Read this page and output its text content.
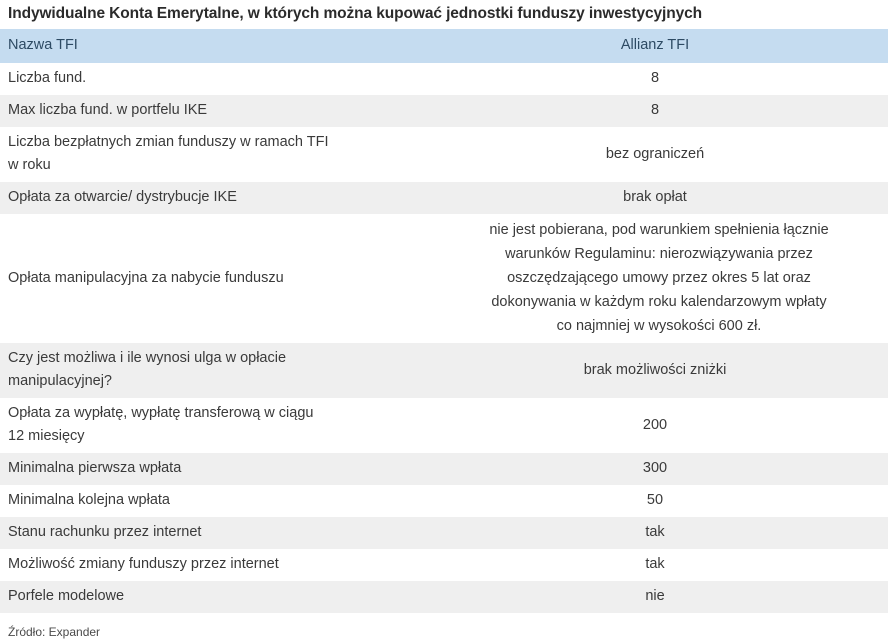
Indywidualne Konta Emerytalne, w których można kupować jednostki funduszy inwestycyjnych
Nazwa TFI	Allianz TFI

Liczba fund.	8

Max liczba fund. w portfelu IKE	8

Liczba bezpłatnych zmian funduszy w ramach TFI
w roku	bez ograniczeń

Opłata za otwarcie/ dystrybucje IKE	brak opłat

Opłata manipulacyjna za nabycie funduszu	nie jest pobierana, pod warunkiem spełnienia łącznie
warunków Regulaminu: nierozwiązywania przez
oszczędzającego umowy przez okres 5 lat oraz
dokonywania w każdym roku kalendarzowym wpłaty
co najmniej w wysokości 600 zł.

Czy jest możliwa i ile wynosi ulga w opłacie
manipulacyjnej?	brak możliwości zniżki

Opłata za wypłatę, wypłatę transferową w ciągu
12 miesięcy	200

Minimalna pierwsza wpłata	300

Minimalna kolejna wpłata	50

Stanu rachunku przez internet	tak

Możliwość zmiany funduszy przez internet	tak

Porfele modelowe	nie
Źródło: Expander
